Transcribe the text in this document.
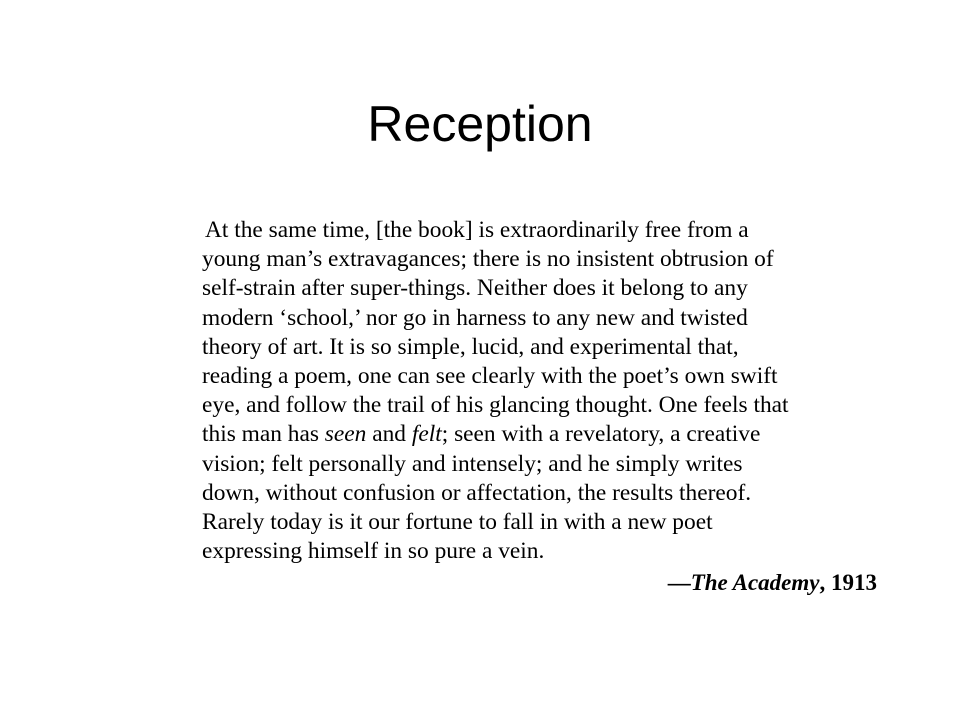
Reception
At the same time, [the book] is extraordinarily free from a
young man’s extravagances; there is no insistent obtrusion of
self-strain after super-things. Neither does it belong to any
modern ‘school,’ nor go in harness to any new and twisted
theory of art. It is so simple, lucid, and experimental that,
reading a poem, one can see clearly with the poet’s own swift
eye, and follow the trail of his glancing thought. One feels that
this man has seen and felt; seen with a revelatory, a creative
vision; felt personally and intensely; and he simply writes
down, without confusion or affectation, the results thereof.
Rarely today is it our fortune to fall in with a new poet
expressing himself in so pure a vein.
—The Academy, 1913
